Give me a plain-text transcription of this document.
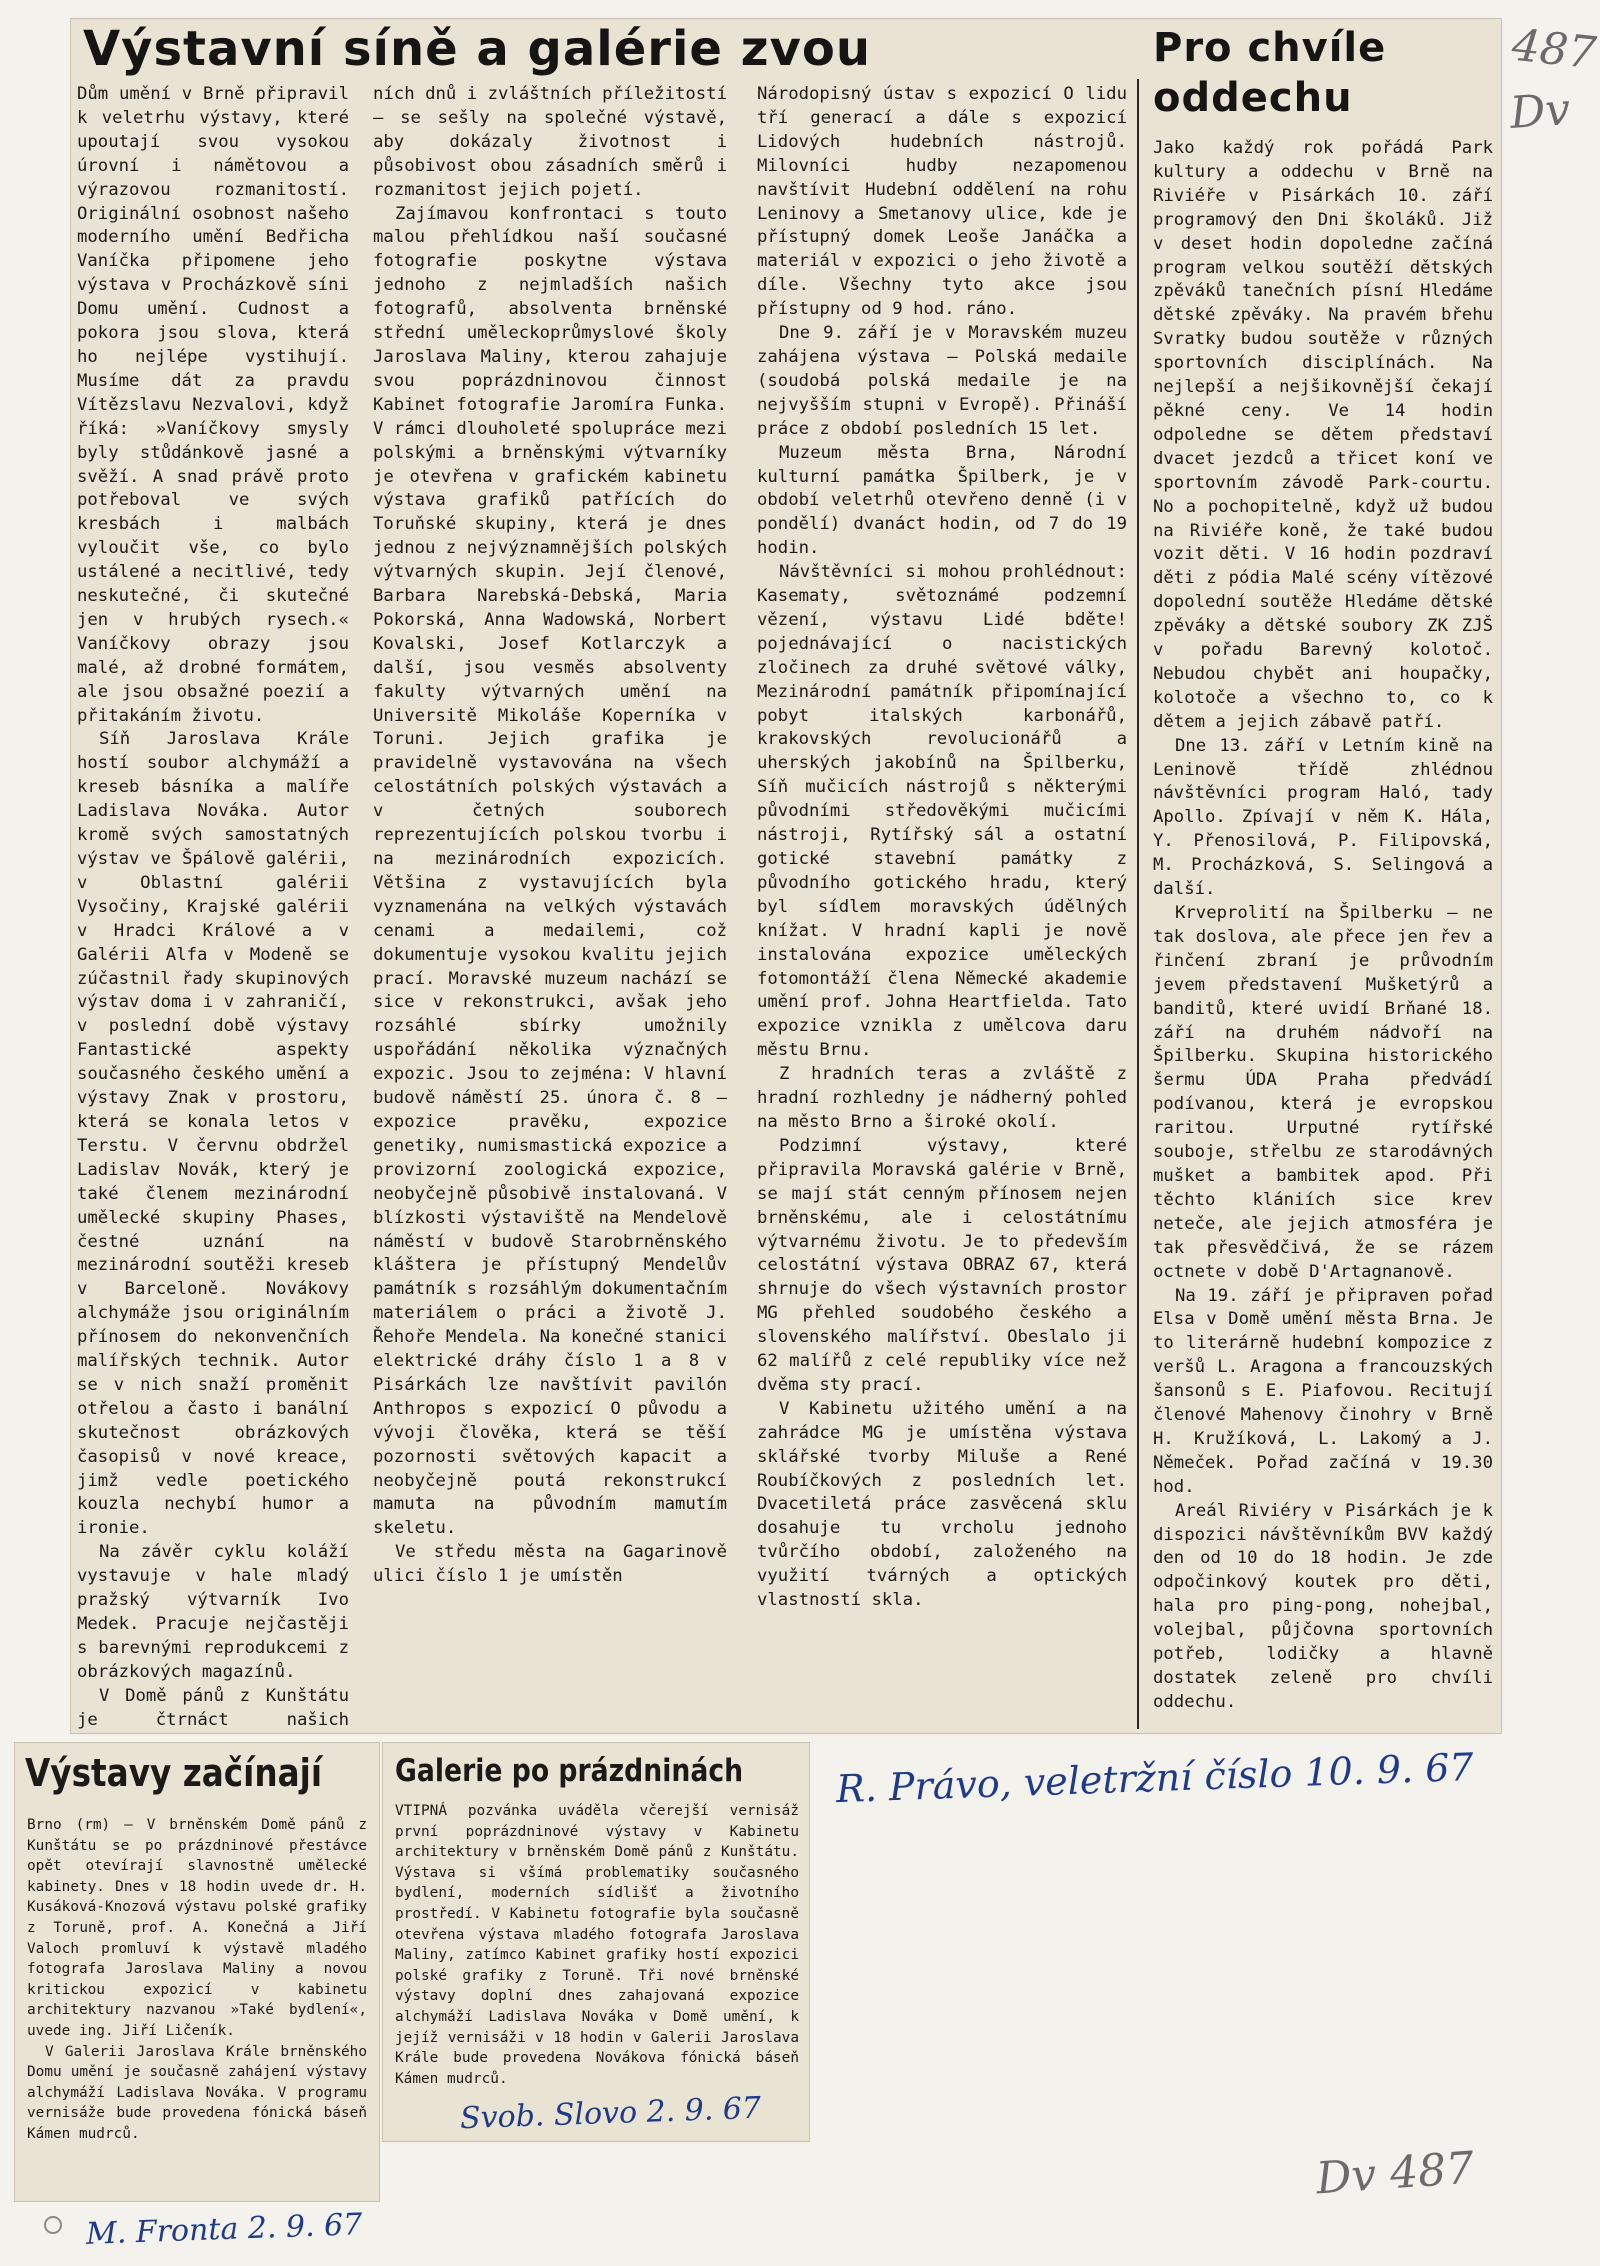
Výstavní síně a galérie zvou	Pro chvíle oddechu

Dům umění v Brně připravil k veletrhu výstavy, které upoutají svou vysokou úrovní i námětovou a výrazovou rozmanitostí. Originální osobnost našeho moderního umění Bedřicha Vaníčka připomene jeho výstava v Procházkově síni Domu umění. Cudnost a pokora jsou slova, která ho nejlépe vystihují. Musíme dát za pravdu Vítězslavu Nezvalovi, když říká: »Vaníčkovy smysly byly stůdánkově jasné a svěží. A snad právě proto potřeboval ve svých kresbách i malbách vyloučit vše, co bylo ustálené a necitlivé, tedy neskutečné, či skutečné jen v hrubých rysech.« Vaníčkovy obrazy jsou malé, až drobné formátem, ale jsou obsažné poezií a přitakáním životu.

Síň Jaroslava Krále hostí soubor alchymáží a kreseb básníka a malíře Ladislava Nováka. Autor kromě svých samostatných výstav ve Špálově galérii, v Oblastní galérii Vysočiny, Krajské galérii v Hradci Králové a v Galérii Alfa v Modeně se zúčastnil řady skupinových výstav doma i v zahraničí, v poslední době výstavy Fantastické aspekty současného českého umění a výstavy Znak v prostoru, která se konala letos v Terstu. V červnu obdržel Ladislav Novák, který je také členem mezinárodní umělecké skupiny Phases, čestné uznání na mezinárodní soutěži kreseb v Barceloně. Novákovy alchymáže jsou originálním přínosem do nekonvenčních malířských technik. Autor se v nich snaží proměnit otřelou a často i banální skutečnost obrázkových časopisů v nové kreace, jimž vedle poetického kouzla nechybí humor a ironie.

Na závěr cyklu koláží vystavuje v hale mladý pražský výtvarník Ivo Medek. Pracuje nejčastěji s barevnými reprodukcemi z obrázkových magazínů.

V Domě pánů z Kunštátu je čtrnáct našich

ních dnů i zvláštních příležitostí — se sešly na společné výstavě, aby dokázaly životnost i působivost obou zásadních směrů i rozmanitost jejich pojetí.

Zajímavou konfrontaci s touto malou přehlídkou naší současné fotografie poskytne výstava jednoho z nejmladších našich fotografů, absolventa brněnské střední uměleckoprůmyslové školy Jaroslava Maliny, kterou zahajuje svou poprázdninovou činnost Kabinet fotografie Jaromíra Funka. V rámci dlouholeté spolupráce mezi polskými a brněnskými výtvarníky je otevřena v grafickém kabinetu výstava grafiků patřících do Toruňské skupiny, která je dnes jednou z nejvýznamnějších polských výtvarných skupin. Její členové, Barbara Narebská-Debská, Maria Pokorská, Anna Wadowská, Norbert Kovalski, Josef Kotlarczyk a další, jsou vesměs absolventy fakulty výtvarných umění na Universitě Mikoláše Koperníka v Toruni. Jejich grafika je pravidelně vystavována na všech celostátních polských výstavách a v četných souborech reprezentujících polskou tvorbu i na mezinárodních expozicích. Většina z vystavujících byla vyznamenána na velkých výstavách cenami a medailemi, což dokumentuje vysokou kvalitu jejich prací. Moravské muzeum nachází se sice v rekonstrukci, avšak jeho rozsáhlé sbírky umožnily uspořádání několika význačných expozic. Jsou to zejména: V hlavní budově náměstí 25. února č. 8 — expozice pravěku, expozice genetiky, numismastická expozice a provizorní zoologická expozice, neobyčejně působivě instalovaná. V blízkosti výstaviště na Mendelově náměstí v budově Starobrněnského kláštera je přístupný Mendelův památník s rozsáhlým dokumentačním materiálem o práci a životě J. Řehoře Mendela. Na konečné stanici elektrické dráhy číslo 1 a 8 v Pisárkách lze navštívit pavilón Anthropos s expozicí O původu a vývoji člověka, která se těší pozornosti světových kapacit a neobyčejně poutá rekonstrukcí mamuta na původním mamutím skeletu.

Ve středu města na Gagarinově ulici číslo 1 je umístěn

Národopisný ústav s expozicí O lidu tří generací a dále s expozicí Lidových hudebních nástrojů. Milovníci hudby nezapomenou navštívit Hudební oddělení na rohu Leninovy a Smetanovy ulice, kde je přístupný domek Leoše Janáčka a materiál v expozici o jeho životě a díle. Všechny tyto akce jsou přístupny od 9 hod. ráno.

Dne 9. září je v Moravském muzeu zahájena výstava — Polská medaile (soudobá polská medaile je na nejvyšším stupni v Evropě). Přináší práce z období posledních 15 let.

Muzeum města Brna, Národní kulturní památka Špilberk, je v období veletrhů otevřeno denně (i v pondělí) dvanáct hodin, od 7 do 19 hodin.

Návštěvníci si mohou prohlédnout: Kasematy, světoznámé podzemní vězení, výstavu Lidé bděte! pojednávající o nacistických zločinech za druhé světové války, Mezinárodní památník připomínající pobyt italských karbonářů, krakovských revolucionářů a uherských jakobínů na Špilberku, Síň mučicích nástrojů s některými původními středověkými mučicími nástroji, Rytířský sál a ostatní gotické stavební památky z původního gotického hradu, který byl sídlem moravských údělných knížat. V hradní kapli je nově instalována expozice uměleckých fotomontáží člena Německé akademie umění prof. Johna Heartfielda. Tato expozice vznikla z umělcova daru městu Brnu.

Z hradních teras a zvláště z hradní rozhledny je nádherný pohled na město Brno a široké okolí.

Podzimní výstavy, které připravila Moravská galérie v Brně, se mají stát cenným přínosem nejen brněnskému, ale i celostátnímu výtvarnému životu. Je to především celostátní výstava OBRAZ 67, která shrnuje do všech výstavních prostor MG přehled soudobého českého a slovenského malířství. Obeslalo ji 62 malířů z celé republiky více než dvěma sty prací.

V Kabinetu užitého umění a na zahrádce MG je umístěna výstava sklářské tvorby Miluše a René Roubíčkových z posledních let. Dvacetiletá práce zasvěcená sklu dosahuje tu vrcholu jednoho tvůrčího období, založeného na využití tvárných a optických vlastností skla.

Jako každý rok pořádá Park kultury a oddechu v Brně na Riviéře v Pisárkách 10. září programový den Dni školáků. Již v deset hodin dopoledne začíná program velkou soutěží dětských zpěváků tanečních písní Hledáme dětské zpěváky. Na pravém břehu Svratky budou soutěže v různých sportovních disciplínách. Na nejlepší a nejšikovnější čekají pěkné ceny. Ve 14 hodin odpoledne se dětem představí dvacet jezdců a třicet koní ve sportovním závodě Park-courtu. No a pochopitelně, když už budou na Riviéře koně, že také budou vozit děti. V 16 hodin pozdraví děti z pódia Malé scény vítězové dopolední soutěže Hledáme dětské zpěváky a dětské soubory ZK ZJŠ v pořadu Barevný kolotoč. Nebudou chybět ani houpačky, kolotoče a všechno to, co k dětem a jejich zábavě patří.

Dne 13. září v Letním kině na Leninově třídě zhlédnou návštěvníci program Haló, tady Apollo. Zpívají v něm K. Hála, Y. Přenosilová, P. Filipovská, M. Procházková, S. Selingová a další.

Krveprolití na Špilberku — ne tak doslova, ale přece jen řev a řinčení zbraní je průvodním jevem představení Mušketýrů a banditů, které uvidí Brňané 18. září na druhém nádvoří na Špilberku. Skupina historického šermu ÚDA Praha předvádí podívanou, která je evropskou raritou. Urputné rytířské souboje, střelbu ze starodávných mušket a bambitek apod. Při těchto klániích sice krev neteče, ale jejich atmosféra je tak přesvědčivá, že se rázem octnete v době D'Artagnanově.

Na 19. září je připraven pořad Elsa v Domě umění města Brna. Je to literárně hudební kompozice z veršů L. Aragona a francouzských šansonů s E. Piafovou. Recitují členové Mahenovy činohry v Brně H. Kružíková, L. Lakomý a J. Němeček. Pořad začíná v 19.30 hod.

Areál Riviéry v Pisárkách je k dispozici návštěvníkům BVV každý den od 10 do 18 hodin. Je zde odpočinkový koutek pro děti, hala pro ping-pong, nohejbal, volejbal, půjčovna sportovních potřeb, lodičky a hlavně dostatek zeleně pro chvíli oddechu.

Výstavy začínají

Brno (rm) — V brněnském Domě pánů z Kunštátu se po prázdninové přestávce opět otevírají slavnostně umělecké kabinety. Dnes v 18 hodin uvede dr. H. Kusáková-Knozová výstavu polské grafiky z Toruně, prof. A. Konečná a Jiří Valoch promluví k výstavě mladého fotografa Jaroslava Maliny a novou kritickou expozicí v kabinetu architektury nazvanou »Také bydlení«, uvede ing. Jiří Ličeník.

V Galerii Jaroslava Krále brněnského Domu umění je současně zahájení výstavy alchymáží Ladislava Nováka. V programu vernisáže bude provedena fónická báseň Kámen mudrců.

Galerie po prázdninách

VTIPNÁ pozvánka uváděla včerejší vernisáž první poprázdninové výstavy v Kabinetu architektury v brněnském Domě pánů z Kunštátu. Výstava si všímá problematiky současného bydlení, moderních sídlišť a životního prostředí. V Kabinetu fotografie byla současně otevřena výstava mladého fotografa Jaroslava Maliny, zatímco Kabinet grafiky hostí expozici polské grafiky z Toruně. Tři nové brněnské výstavy doplní dnes zahajovaná expozice alchymáží Ladislava Nováka v Domě umění, k jejíž vernisáži v 18 hodin v Galerii Jaroslava Krále bude provedena Novákova fónická báseň Kámen mudrců.

R. Právo, veletržní číslo 10. 9. 67
Svob. Slovo 2. 9. 67
M. Fronta 2. 9. 67
487
Dv
Dv 487
